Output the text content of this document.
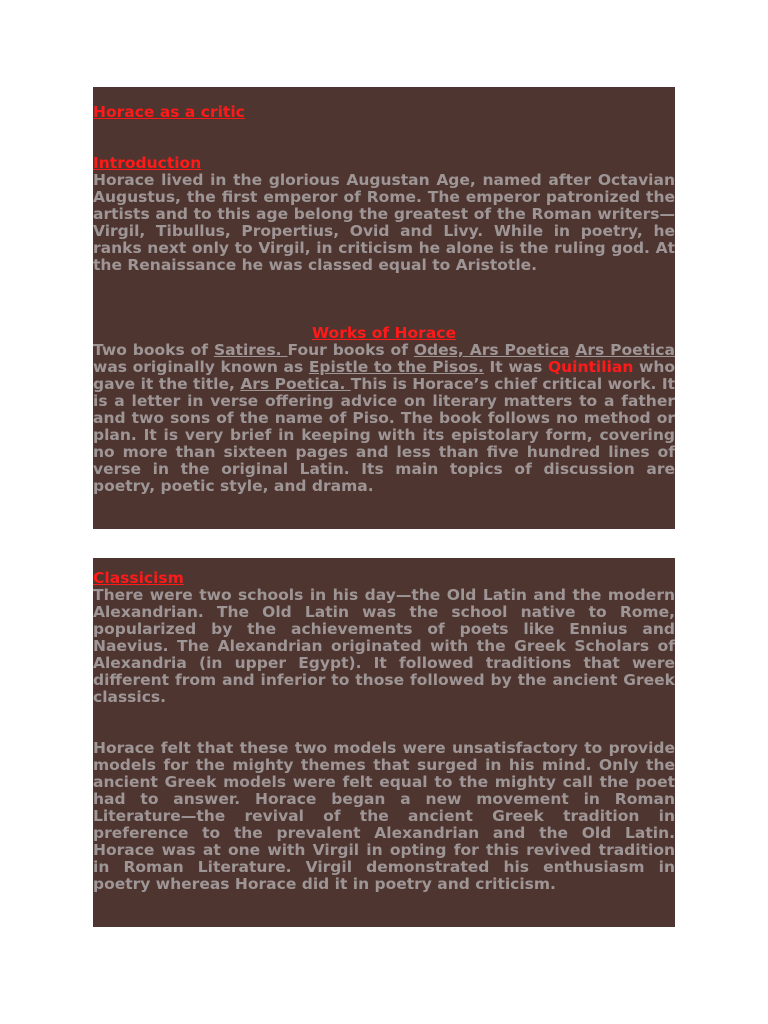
Horace as a critic
Introduction

Horace lived in the glorious Augustan Age, named after Octavian Augustus, the first emperor of Rome. The emperor patronized the artists and to this age belong the greatest of the Roman writers—Virgil, Tibullus, Propertius, Ovid and Livy. While in poetry, he ranks next only to Virgil, in criticism he alone is the ruling god. At the Renaissance he was classed equal to Aristotle.

Works of Horace

Two books of Satires. Four books of Odes, Ars Poetica Ars Poetica was originally known as Epistle to the Pisos. It was Quintilian who gave it the title, Ars Poetica. This is Horace’s chief critical work. It is a letter in verse offering advice on literary matters to a father and two sons of the name of Piso. The book follows no method or plan. It is very brief in keeping with its epistolary form, covering no more than sixteen pages and less than five hundred lines of verse in the original Latin. Its main topics of discussion are poetry, poetic style, and drama.

Classicism

There were two schools in his day—the Old Latin and the modern Alexandrian. The Old Latin was the school native to Rome, popularized by the achievements of poets like Ennius and Naevius. The Alexandrian originated with the Greek Scholars of Alexandria (in upper Egypt). It followed traditions that were different from and inferior to those followed by the ancient Greek classics.

Horace felt that these two models were unsatisfactory to provide models for the mighty themes that surged in his mind. Only the ancient Greek models were felt equal to the mighty call the poet had to answer. Horace began a new movement in Roman Literature—the revival of the ancient Greek tradition in preference to the prevalent Alexandrian and the Old Latin. Horace was at one with Virgil in opting for this revived tradition in Roman Literature. Virgil demonstrated his enthusiasm in poetry whereas Horace did it in poetry and criticism.
